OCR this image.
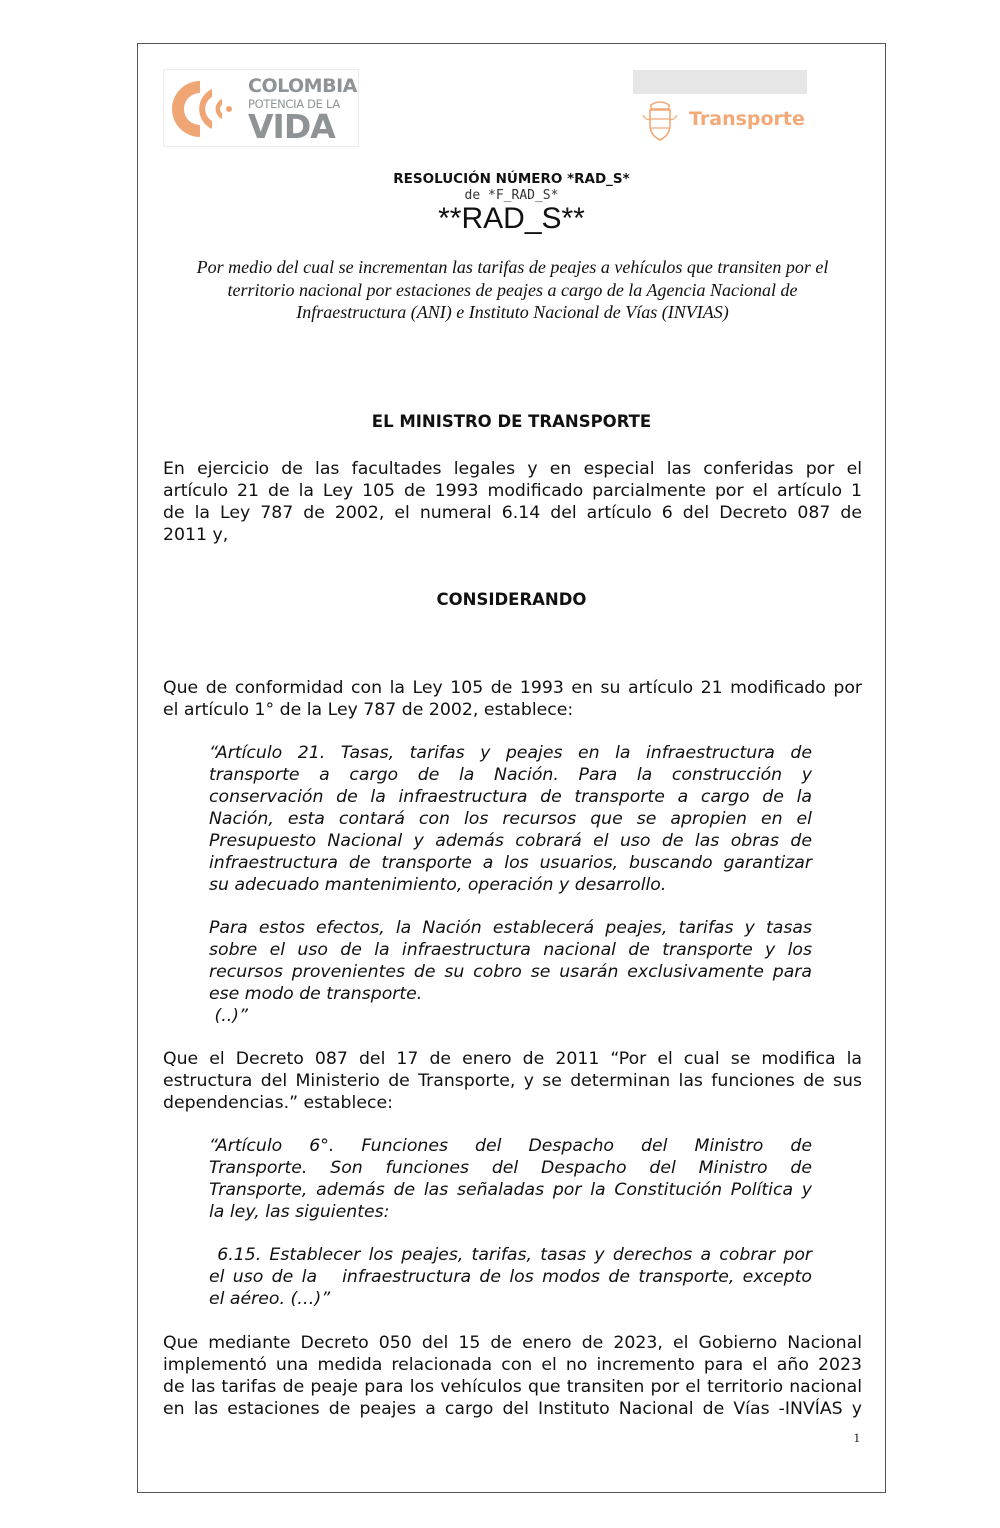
COLOMBIA
POTENCIA DE LA
VIDA	Transporte
RESOLUCIÓN NÚMERO *RAD_S*
de *F_RAD_S*
**RAD_S**
Por medio del cual se incrementan las tarifas de peajes a vehículos que transiten por el
territorio nacional por estaciones de peajes a cargo de la Agencia Nacional de
Infraestructura (ANI) e Instituto Nacional de Vías (INVIAS)
EL MINISTRO DE TRANSPORTE
En ejercicio de las facultades legales y en especial las conferidas por el
artículo 21 de la Ley 105 de 1993 modificado parcialmente por el artículo 1
de la Ley 787 de 2002, el numeral 6.14 del artículo 6 del Decreto 087 de
2011 y,
CONSIDERANDO
Que de conformidad con la Ley 105 de 1993 en su artículo 21 modificado por
el artículo 1° de la Ley 787 de 2002, establece:
“Artículo 21. Tasas, tarifas y peajes en la infraestructura de
transporte a cargo de la Nación. Para la construcción y
conservación de la infraestructura de transporte a cargo de la
Nación, esta contará con los recursos que se apropien en el
Presupuesto Nacional y además cobrará el uso de las obras de
infraestructura de transporte a los usuarios, buscando garantizar
su adecuado mantenimiento, operación y desarrollo.
Para estos efectos, la Nación establecerá peajes, tarifas y tasas
sobre el uso de la infraestructura nacional de transporte y los
recursos provenientes de su cobro se usarán exclusivamente para
ese modo de transporte.
(..)”
Que el Decreto 087 del 17 de enero de 2011 “Por el cual se modifica la
estructura del Ministerio de Transporte, y se determinan las funciones de sus
dependencias.” establece:
“Artículo 6°. Funciones del Despacho del Ministro de
Transporte. Son funciones del Despacho del Ministro de
Transporte, además de las señaladas por la Constitución Política y
la ley, las siguientes:
6.15. Establecer los peajes, tarifas, tasas y derechos a cobrar por
el uso de la   infraestructura de los modos de transporte, excepto
el aéreo. (…)”
Que mediante Decreto 050 del 15 de enero de 2023, el Gobierno Nacional
implementó una medida relacionada con el no incremento para el año 2023
de las tarifas de peaje para los vehículos que transiten por el territorio nacional
en las estaciones de peajes a cargo del Instituto Nacional de Vías -INVÍAS y
1
